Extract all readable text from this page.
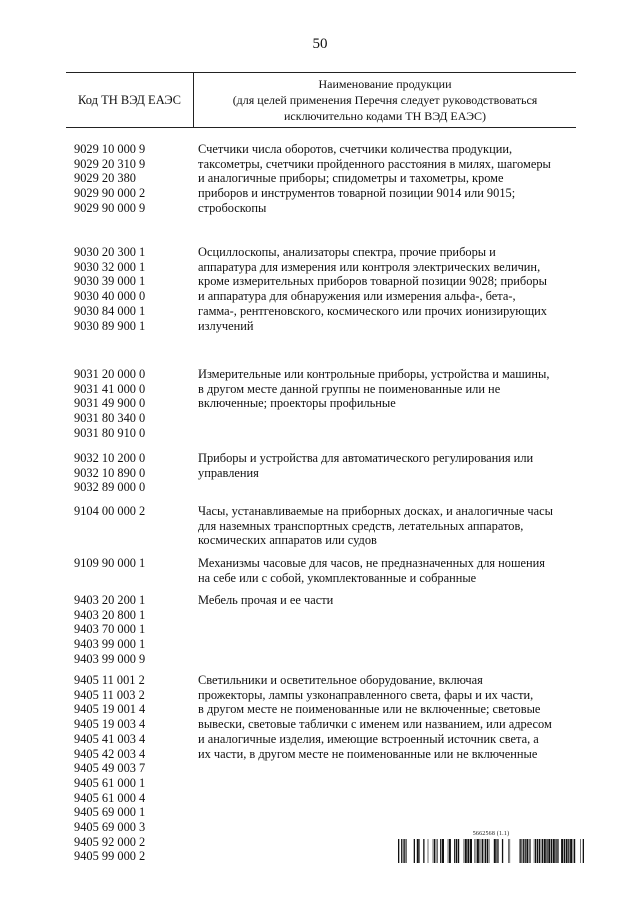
50
Код ТН ВЭД ЕАЭС
Наименование продукции
(для целей применения Перечня следует руководствоваться
исключительно кодами ТН ВЭД ЕАЭС)
9029 10 000 9
9029 20 310 9
9029 20 380
9029 90 000 2
9029 90 000 9
Счетчики числа оборотов, счетчики количества продукции,
таксометры, счетчики пройденного расстояния в милях, шагомеры
и аналогичные приборы; спидометры и тахометры, кроме
приборов и инструментов товарной позиции 9014 или 9015;
стробоскопы
9030 20 300 1
9030 32 000 1
9030 39 000 1
9030 40 000 0
9030 84 000 1
9030 89 900 1
Осциллоскопы, анализаторы спектра, прочие приборы и
аппаратура для измерения или контроля электрических величин,
кроме измерительных приборов товарной позиции 9028; приборы
и аппаратура для обнаружения или измерения альфа-, бета-,
гамма-, рентгеновского, космического или прочих ионизирующих
излучений
9031 20 000 0
9031 41 000 0
9031 49 900 0
9031 80 340 0
9031 80 910 0
Измерительные или контрольные приборы, устройства и машины,
в другом месте данной группы не поименованные или не
включенные; проекторы профильные
9032 10 200 0
9032 10 890 0
9032 89 000 0
Приборы и устройства для автоматического регулирования или
управления
9104 00 000 2	Часы, устанавливаемые на приборных досках, и аналогичные часы
для наземных транспортных средств, летательных аппаратов,
космических аппаратов или судов
9109 90 000 1	Механизмы часовые для часов, не предназначенных для ношения
на себе или с собой, укомплектованные и собранные
9403 20 200 1
9403 20 800 1
9403 70 000 1
9403 99 000 1
9403 99 000 9
Мебель прочая и ее части
9405 11 001 2
9405 11 003 2
9405 19 001 4
9405 19 003 4
9405 41 003 4
9405 42 003 4
9405 49 003 7
9405 61 000 1
9405 61 000 4
9405 69 000 1
9405 69 000 3
9405 92 000 2
9405 99 000 2
Светильники и осветительное оборудование, включая
прожекторы, лампы узконаправленного света, фары и их части,
в другом месте не поименованные или не включенные; световые
вывески, световые таблички с именем или названием, или адресом
и аналогичные изделия, имеющие встроенный источник света, а
их части, в другом месте не поименованные или не включенные
5662568 (1.1)
